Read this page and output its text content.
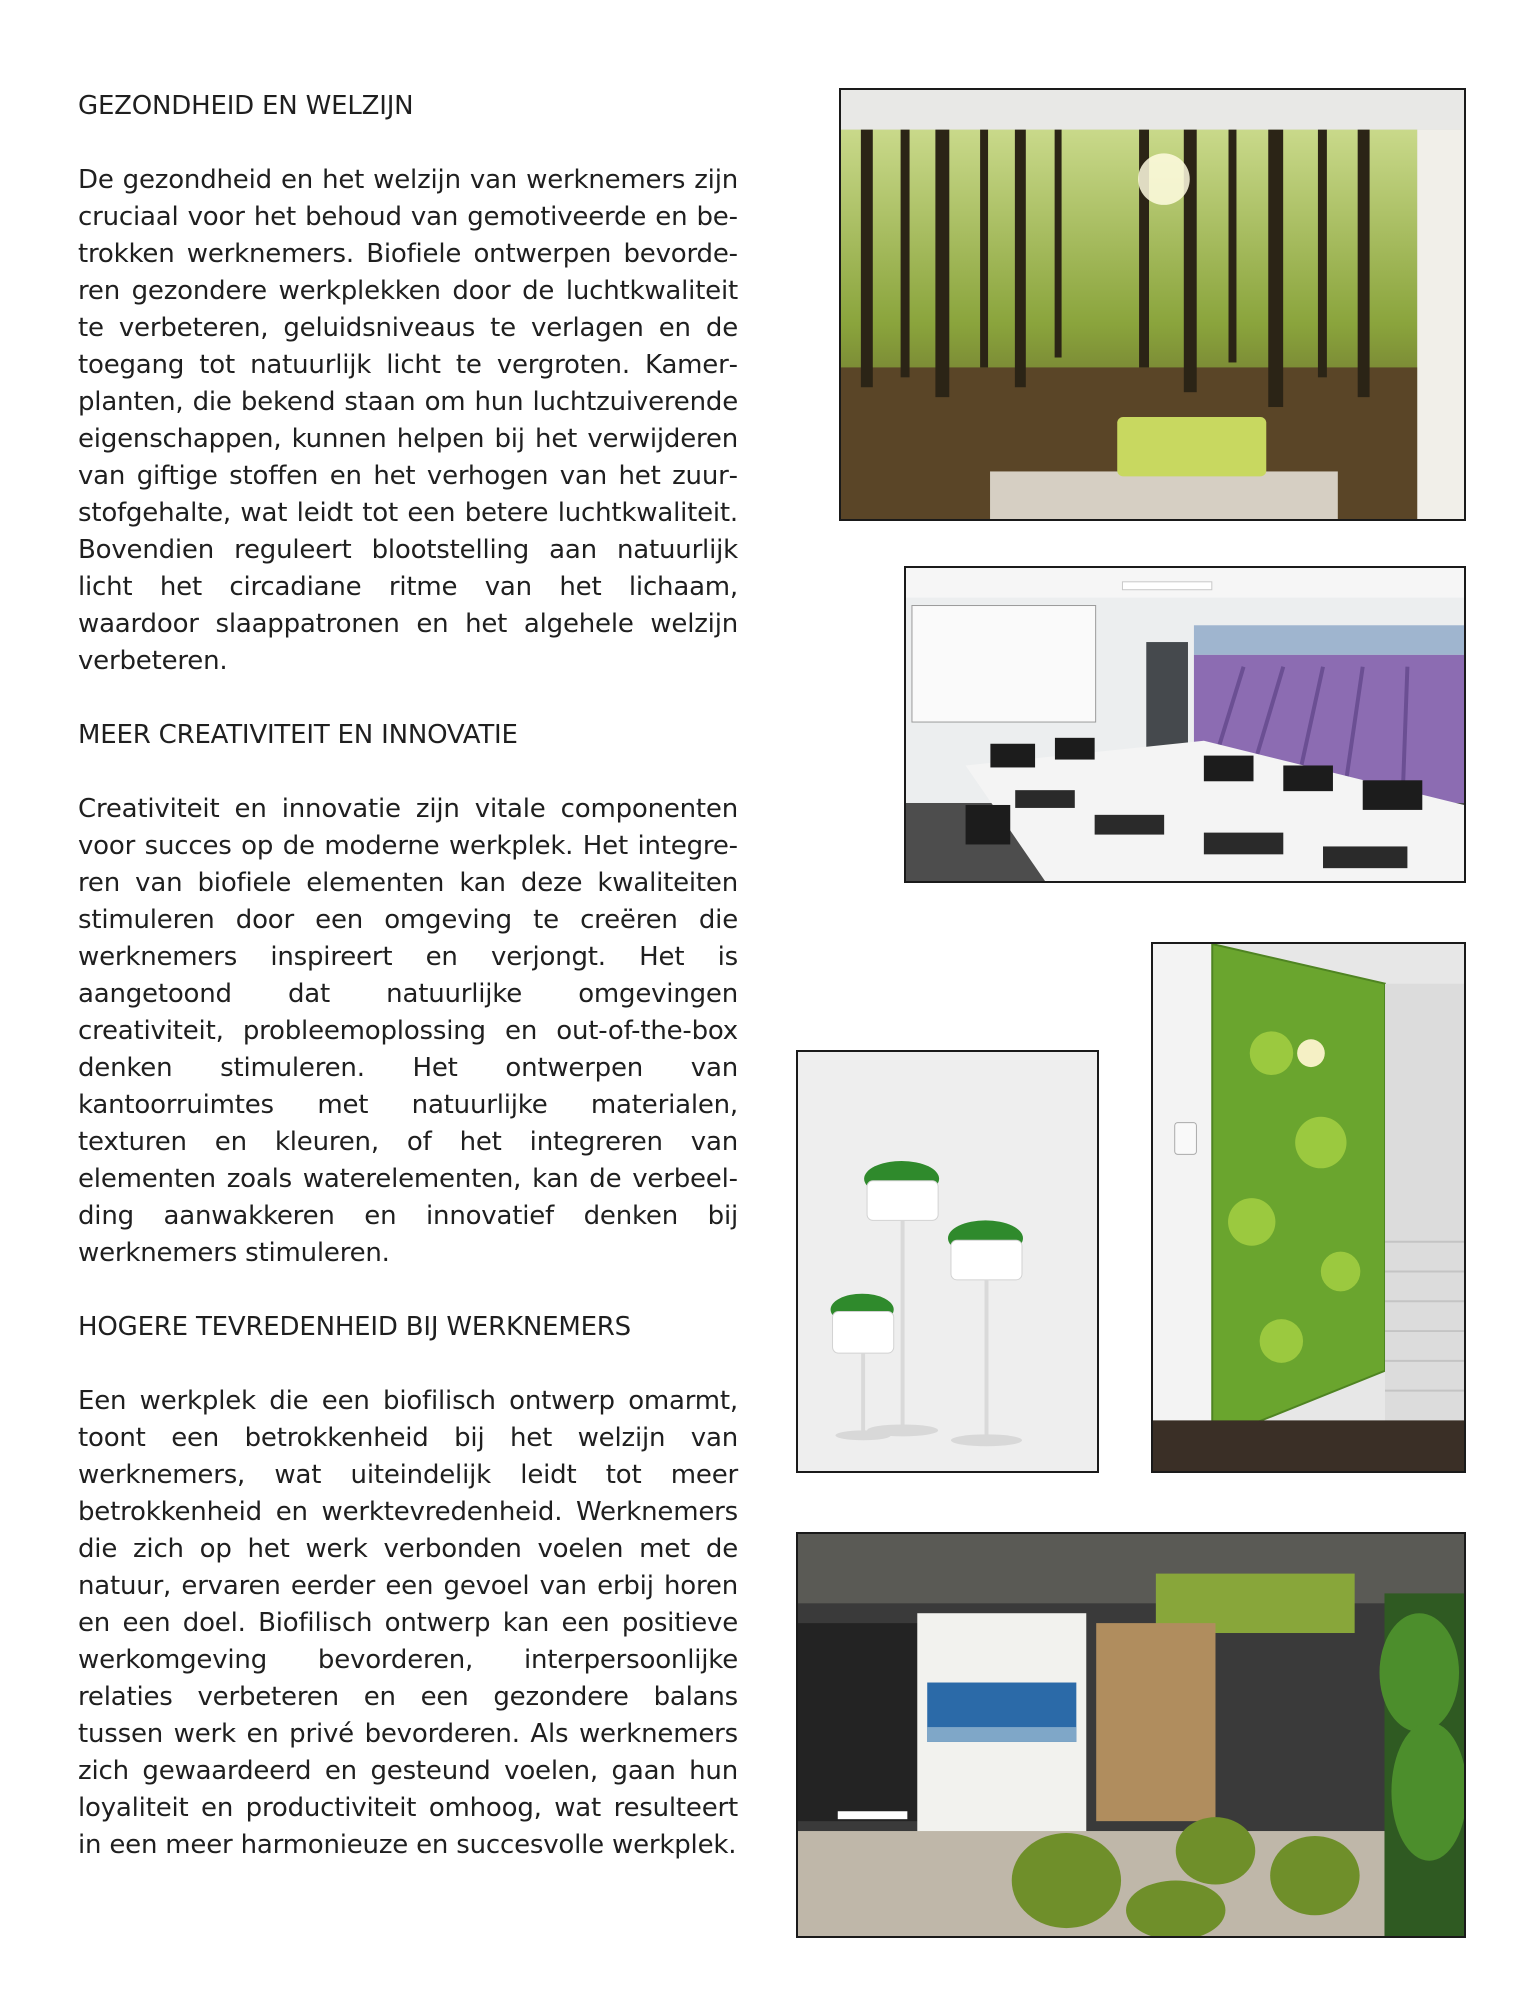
GEZONDHEID EN WELZIJN

De gezondheid en het welzijn van werknemers zijn cruciaal voor het behoud van gemotiveerde en betrokken werknemers. Biofiele ontwerpen bevorderen gezondere werkplekken door de luchtkwaliteit te verbeteren, geluidsniveaus te verlagen en de toegang tot natuurlijk licht te vergroten. Kamerplanten, die bekend staan om hun luchtzuiverende eigenschappen, kunnen helpen bij het verwijderen van giftige stoffen en het verhogen van het zuurstofgehalte, wat leidt tot een betere luchtkwaliteit. Bovendien reguleert blootstelling aan natuurlijk licht het circadiane ritme van het lichaam, waardoor slaappatronen en het algehele welzijn verbeteren.

MEER CREATIVITEIT EN INNOVATIE

Creativiteit en innovatie zijn vitale componenten voor succes op de moderne werkplek. Het integreren van biofiele elementen kan deze kwaliteiten stimuleren door een omgeving te creëren die werknemers inspireert en verjongt. Het is aangetoond dat natuurlijke omgevingen creativiteit, probleemoplossing en out-of-the-box denken stimuleren. Het ontwerpen van kantoorruimtes met natuurlijke materialen, texturen en kleuren, of het integreren van elementen zoals waterelementen, kan de verbeelding aanwakkeren en innovatief denken bij werknemers stimuleren.

HOGERE TEVREDENHEID BIJ WERKNEMERS

Een werkplek die een biofilisch ontwerp omarmt, toont een betrokkenheid bij het welzijn van werknemers, wat uiteindelijk leidt tot meer betrokkenheid en werktevredenheid. Werknemers die zich op het werk verbonden voelen met de natuur, ervaren eerder een gevoel van erbij horen en een doel. Biofilisch ontwerp kan een positieve werkomgeving bevorderen, interpersoonlijke relaties verbeteren en een gezondere balans tussen werk en privé bevorderen. Als werknemers zich gewaardeerd en gesteund voelen, gaan hun loyaliteit en productiviteit omhoog, wat resulteert in een meer harmonieuze en succesvolle werkplek.
